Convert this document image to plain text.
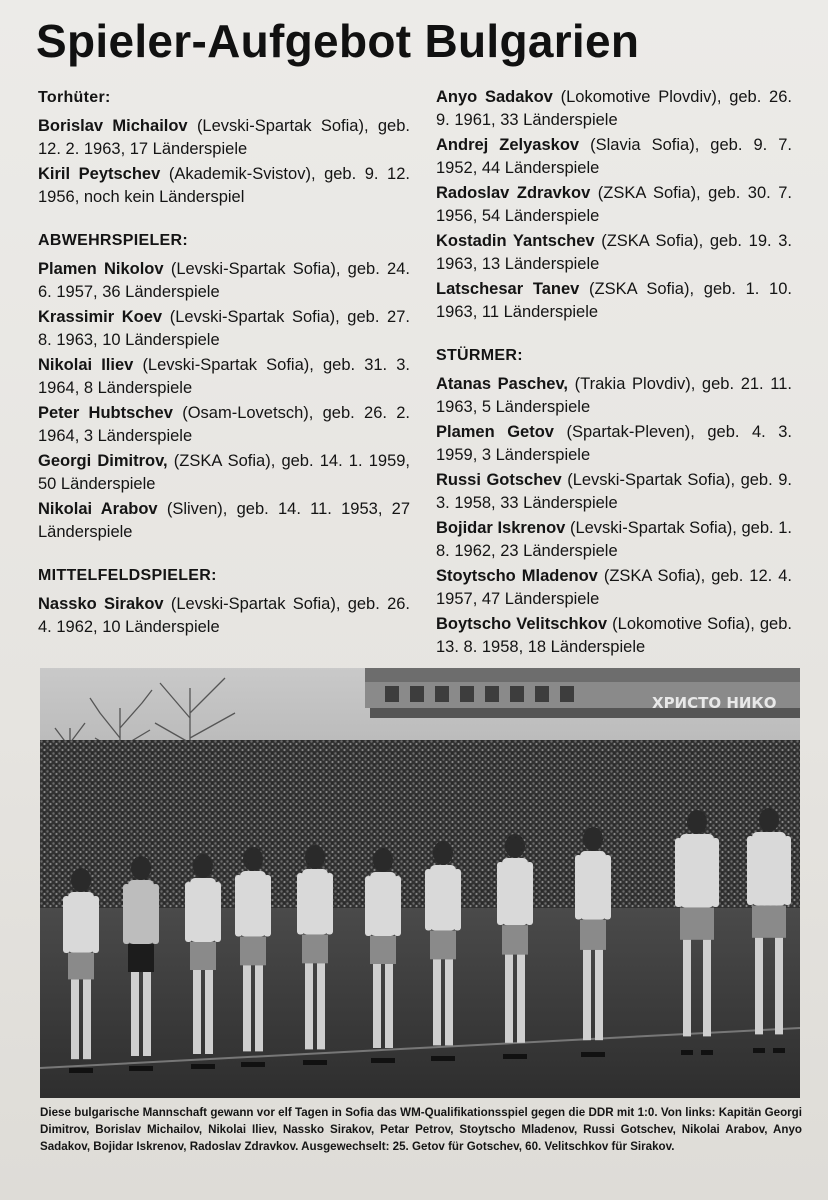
Spieler-Aufgebot Bulgarien
Torhüter:
Borislav Michailov (Levski-Spartak Sofia), geb. 12. 2. 1963, 17 Länderspiele
Kiril Peytschev (Akademik-Svistov), geb. 9. 12. 1956, noch kein Länderspiel
ABWEHRSPIELER:
Plamen Nikolov (Levski-Spartak Sofia), geb. 24. 6. 1957, 36 Länderspiele
Krassimir Koev (Levski-Spartak Sofia), geb. 27. 8. 1963, 10 Länderspiele
Nikolai Iliev (Levski-Spartak Sofia), geb. 31. 3. 1964, 8 Länderspiele
Peter Hubtschev (Osam-Lovetsch), geb. 26. 2. 1964, 3 Länderspiele
Georgi Dimitrov, (ZSKA Sofia), geb. 14. 1. 1959, 50 Länderspiele
Nikolai Arabov (Sliven), geb. 14. 11. 1953, 27 Länderspiele
MITTELFELDSPIELER:
Nassko Sirakov (Levski-Spartak Sofia), geb. 26. 4. 1962, 10 Länderspiele
Anyo Sadakov (Lokomotive Plovdiv), geb. 26. 9. 1961, 33 Länderspiele
Andrej Zelyaskov (Slavia Sofia), geb. 9. 7. 1952, 44 Länderspiele
Radoslav Zdravkov (ZSKA Sofia), geb. 30. 7. 1956, 54 Länderspiele
Kostadin Yantschev (ZSKA Sofia), geb. 19. 3. 1963, 13 Länderspiele
Latschesar Tanev (ZSKA Sofia), geb. 1. 10. 1963, 11 Länderspiele
STÜRMER:
Atanas Paschev, (Trakia Plovdiv), geb. 21. 11. 1963, 5 Länderspiele
Plamen Getov (Spartak-Pleven), geb. 4. 3. 1959, 3 Länderspiele
Russi Gotschev (Levski-Spartak Sofia), geb. 9. 3. 1958, 33 Länderspiele
Bojidar Iskrenov (Levski-Spartak Sofia), geb. 1. 8. 1962, 23 Länderspiele
Stoytscho Mladenov (ZSKA Sofia), geb. 12. 4. 1957, 47 Länderspiele
Boytscho Velitschkov (Lokomotive Sofia), geb. 13. 8. 1958, 18 Länderspiele
ХРИСТО НИКО
Diese bulgarische Mannschaft gewann vor elf Tagen in Sofia das WM-Qualifikationsspiel gegen die DDR mit 1:0. Von links: Kapitän Georgi Dimitrov, Borislav Michailov, Nikolai Iliev, Nassko Sirakov, Petar Petrov, Stoytscho Mladenov, Russi Gotschev, Nikolai Arabov, Anyo Sadakov, Bojidar Iskrenov, Radoslav Zdravkov. Ausgewechselt: 25. Getov für Gotschev, 60. Velitschkov für Sirakov.
